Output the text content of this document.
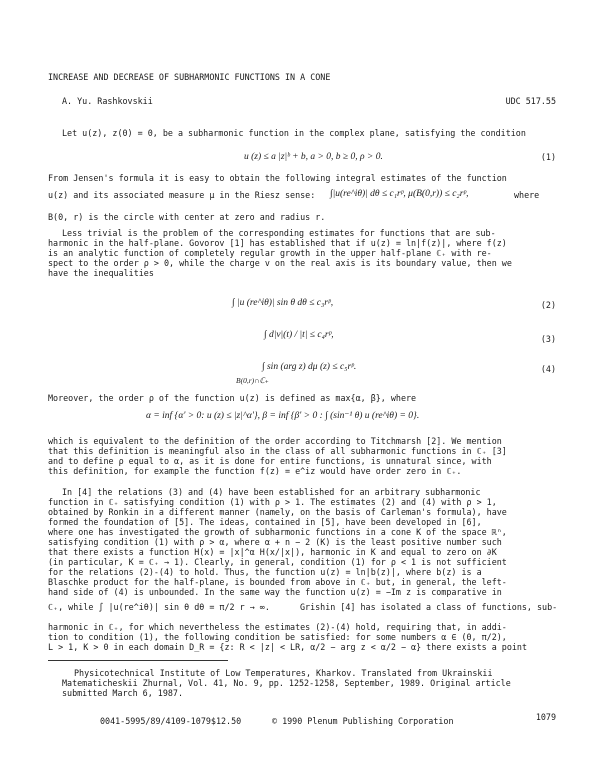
INCREASE AND DECREASE OF SUBHARMONIC FUNCTIONS IN A CONE
A. Yu. Rashkovskii	UDC 517.55
Let u(z), z(0) = 0, be a subharmonic function in the complex plane, satisfying the condition
u (z) ≤ a |z|ᵇ + b, a > 0, b ≥ 0, ρ > 0.	(1)
From Jensen's formula it is easy to obtain the following integral estimates of the function
u(z) and its associated measure μ in the Riesz sense: ∫|u(re^iθ)| dθ ≤ c₁rᵖ, μ(B(0,r)) ≤ c₂rᵖ,	where
B(0, r) is the circle with center at zero and radius r.
Less trivial is the problem of the corresponding estimates for functions that are sub-
harmonic in the half-plane. Govorov [1] has established that if u(z) = ln|f(z)|, where f(z)
is an analytic function of completely regular growth in the upper half-plane ℂ₊ with re-
spect to the order ρ > 0, while the charge v on the real axis is its boundary value, then we
have the inequalities
∫ |u (re^iθ)| sin θ dθ ≤ c₃rᵖ,	(2)
∫ d|v|(t) / |t| ≤ c₄rᵖ,	(3)
∫ sin (arg z) dμ (z) ≤ c₅rᵖ.
B(0,r)∩ℂ₊
(4)
Moreover, the order ρ of the function u(z) is defined as max{α, β}, where
α = inf {α' > 0: u (z) ≤ |z|^α'}, β = inf {β' > 0 : ∫ (sin⁻¹ θ) u (re^iθ) = 0}.
which is equivalent to the definition of the order according to Titchmarsh [2]. We mention
that this definition is meaningful also in the class of all subharmonic functions in ℂ₊ [3]
and to define ρ equal to α, as it is done for entire functions, is unnatural since, with
this definition, for example the function f(z) = e^iz would have order zero in ℂ₊.
In [4] the relations (3) and (4) have been established for an arbitrary subharmonic
function in ℂ₊ satisfying condition (1) with ρ > 1. The estimates (2) and (4) with ρ > 1,
obtained by Ronkin in a different manner (namely, on the basis of Carleman's formula), have
formed the foundation of [5]. The ideas, contained in [5], have been developed in [6],
where one has investigated the growth of subharmonic functions in a cone K of the space ℝⁿ,
satisfying condition (1) with ρ > α, where α + n − 2 (K) is the least positive number such
that there exists a function H(x) = |x|^α H(x/|x|), harmonic in K and equal to zero on ∂K
(in particular, K = ℂ₊ → 1). Clearly, in general, condition (1) for ρ < 1 is not sufficient
for the relations (2)-(4) to hold. Thus, the function u(z) = ln|b(z)|, where b(z) is a
Blaschke product for the half-plane, is bounded from above in ℂ₊ but, in general, the left-
hand side of (4) is unbounded. In the same way the function u(z) = −Im z is comparative in
ℂ₊, while ∫ |u(re^iθ)| sin θ dθ = π/2 r → ∞.	Grishin [4] has isolated a class of functions, sub-
harmonic in ℂ₊, for which nevertheless the estimates (2)-(4) hold, requiring that, in addi-
tion to condition (1), the following condition be satisfied: for some numbers α ∈ (0, π/2),
L > 1, K > 0 in each domain D_R = {z: R < |z| < LR, α/2 − arg z < α/2 − α} there exists a point
Physicotechnical Institute of Low Temperatures, Kharkov. Translated from Ukrainskii
Matematicheskii Zhurnal, Vol. 41, No. 9, pp. 1252-1258, September, 1989. Original article
submitted March 6, 1987.
0041-5995/89/4109-1079$12.50	© 1990 Plenum Publishing Corporation	1079
